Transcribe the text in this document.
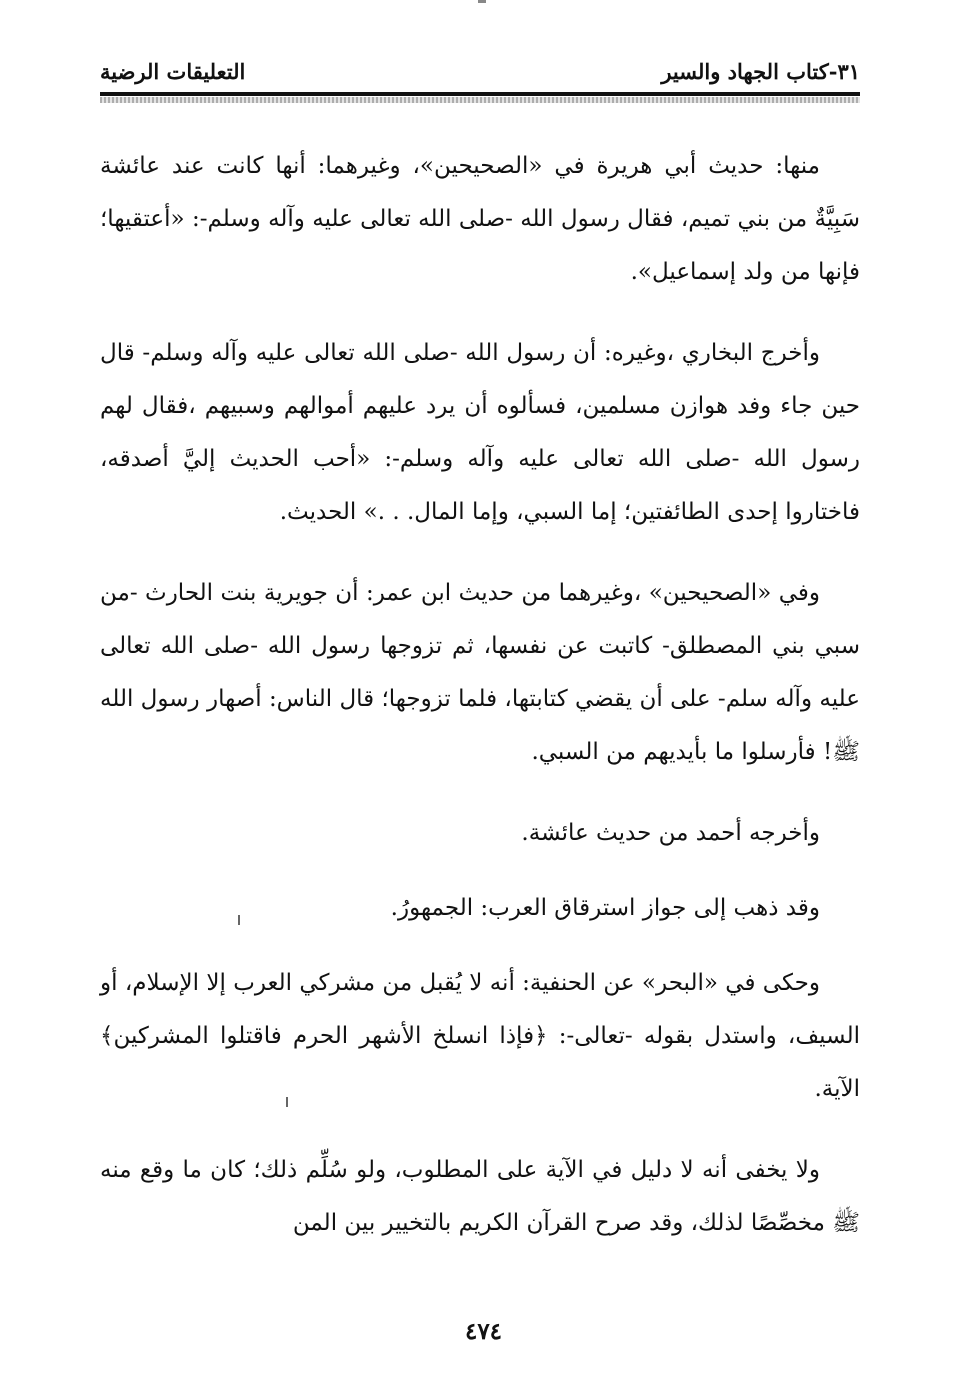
٣١-كتاب الجهاد والسير
التعليقات الرضية

منها: حديث أبي هريرة في «الصحيحين»، وغيرهما: أنها كانت عند عائشة سَبِيَّةٌ من بني تميم، فقال رسول الله -صلى الله تعالى عليه وآله وسلم-: «أعتقيها؛ فإنها من ولد إسماعيل».

وأخرج البخاري ،وغيره: أن رسول الله -صلى الله تعالى عليه وآله وسلم- قال حين جاء وفد هوازن مسلمين، فسألوه أن يرد عليهم أموالهم وسبيهم ،فقال لهم رسول الله -صلى الله تعالى عليه وآله وسلم-: «أحب الحديث إليَّ أصدقه، فاختاروا إحدى الطائفتين؛ إما السبي، وإما المال. . .» الحديث.

وفي «الصحيحين» ،وغيرهما من حديث ابن عمر: أن جويرية بنت الحارث -من سبي بني المصطلق- كاتبت عن نفسها، ثم تزوجها رسول الله -صلى الله تعالى عليه وآله سلم- على أن يقضي كتابتها، فلما تزوجها؛ قال الناس: أصهار رسول الله ﷺ! فأرسلوا ما بأيديهم من السبي.

وأخرجه أحمد من حديث عائشة.

وقد ذهب إلى جواز استرقاق العرب: الجمهورُ.

وحكى في «البحر» عن الحنفية: أنه لا يُقبل من مشركي العرب إلا الإسلام، أو السيف، واستدل بقوله -تعالى-: ﴿فإذا انسلخ الأشهر الحرم فاقتلوا المشركين﴾ الآية.

ولا يخفى أنه لا دليل في الآية على المطلوب، ولو سُلِّم ذلك؛ كان ما وقع منه ﷺ مخصِّصًا لذلك، وقد صرح القرآن الكريم بالتخيير بين المن

٤٧٤
